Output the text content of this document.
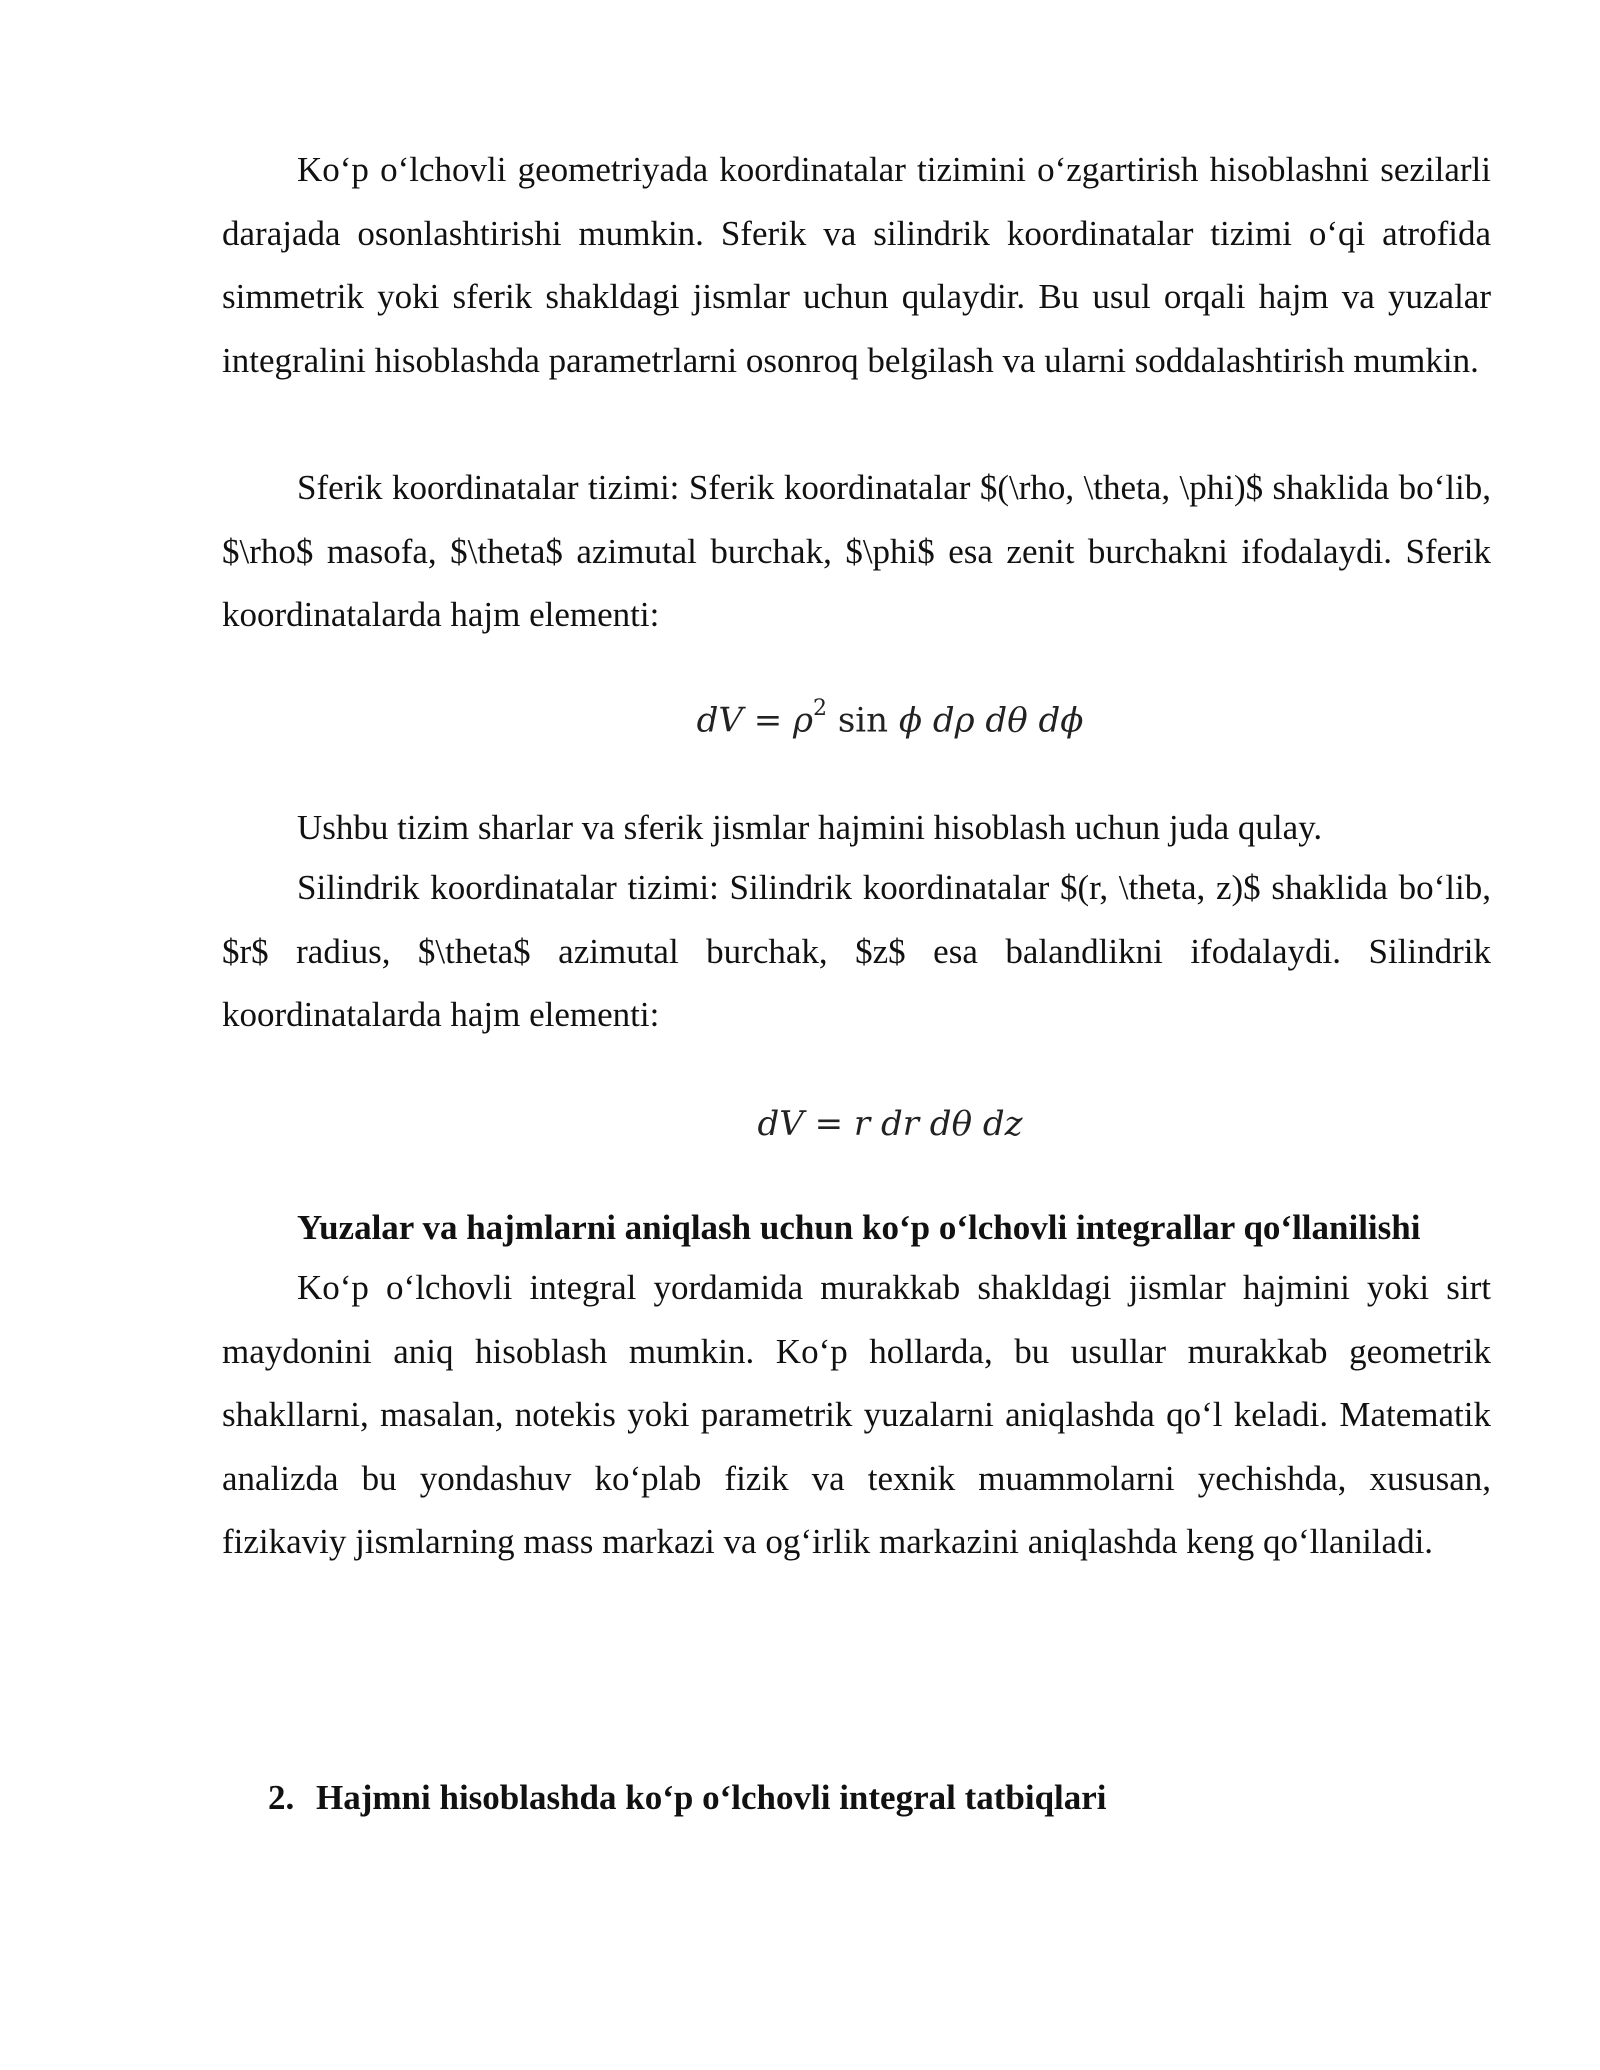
Koʻp oʻlchovli geometriyada koordinatalar tizimini oʻzgartirish hisoblashni sezilarli darajada osonlashtirishi mumkin. Sferik va silindrik koordinatalar tizimi oʻqi atrofida simmetrik yoki sferik shakldagi jismlar uchun qulaydir. Bu usul orqali hajm va yuzalar integralini hisoblashda parametrlarni osonroq belgilash va ularni soddalashtirish mumkin.

Sferik koordinatalar tizimi: Sferik koordinatalar $(\rho, \theta, \phi)$ shaklida boʻlib, $\rho$ masofa, $\theta$ azimutal burchak, $\phi$ esa zenit burchakni ifodalaydi. Sferik koordinatalarda hajm elementi:

dV = $\rho^2$ sin ϕ dρ dθ dϕ

Ushbu tizim sharlar va sferik jismlar hajmini hisoblash uchun juda qulay.

Silindrik koordinatalar tizimi: Silindrik koordinatalar $(r, \theta, z)$ shaklida boʻlib, $r$ radius, $\theta$ azimutal burchak, $z$ esa balandlikni ifodalaydi. Silindrik koordinatalarda hajm elementi:

dV = r dr dθ dz

Yuzalar va hajmlarni aniqlash uchun koʻp oʻlchovli integrallar qoʻllanilishi

Koʻp oʻlchovli integral yordamida murakkab shakldagi jismlar hajmini yoki sirt maydonini aniq hisoblash mumkin. Koʻp hollarda, bu usullar murakkab geometrik shakllarni, masalan, notekis yoki parametrik yuzalarni aniqlashda qoʻl keladi. Matematik analizda bu yondashuv koʻplab fizik va texnik muammolarni yechishda, xususan, fizikaviy jismlarning mass markazi va ogʻirlik markazini aniqlashda keng qoʻllaniladi.

2. Hajmni hisoblashda koʻp oʻlchovli integral tatbiqlari
